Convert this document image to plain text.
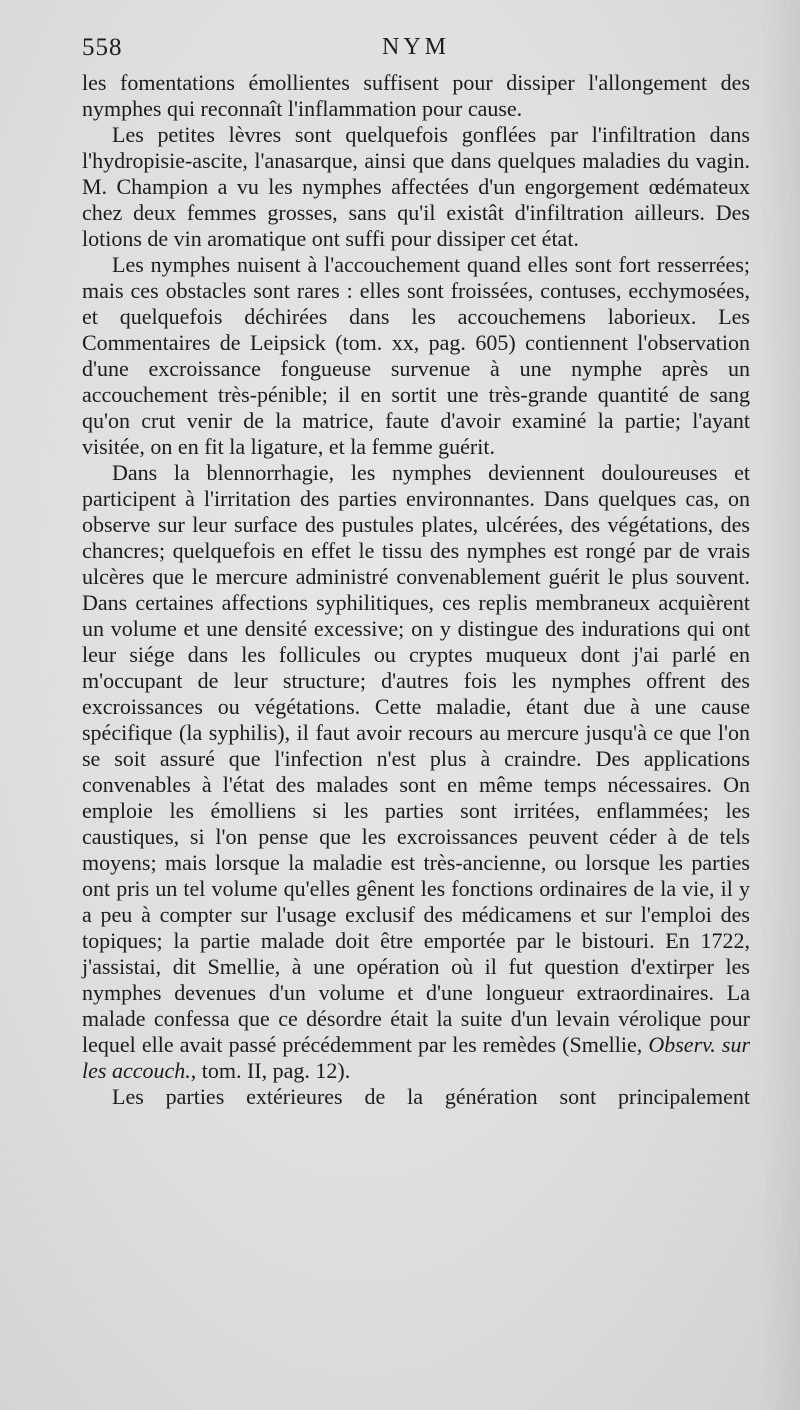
558	NYM

les fomentations émollientes suffisent pour dissiper l'allongement des nymphes qui reconnaît l'inflammation pour cause.

Les petites lèvres sont quelquefois gonflées par l'infiltration dans l'hydropisie-ascite, l'anasarque, ainsi que dans quelques maladies du vagin. M. Champion a vu les nymphes affectées d'un engorgement œdémateux chez deux femmes grosses, sans qu'il existât d'infiltration ailleurs. Des lotions de vin aromatique ont suffi pour dissiper cet état.

Les nymphes nuisent à l'accouchement quand elles sont fort resserrées; mais ces obstacles sont rares : elles sont froissées, contuses, ecchymosées, et quelquefois déchirées dans les accouchemens laborieux. Les Commentaires de Leipsick (tom. xx, pag. 605) contiennent l'observation d'une excroissance fongueuse survenue à une nymphe après un accouchement très-pénible; il en sortit une très-grande quantité de sang qu'on crut venir de la matrice, faute d'avoir examiné la partie; l'ayant visitée, on en fit la ligature, et la femme guérit.

Dans la blennorrhagie, les nymphes deviennent douloureuses et participent à l'irritation des parties environnantes. Dans quelques cas, on observe sur leur surface des pustules plates, ulcérées, des végétations, des chancres; quelquefois en effet le tissu des nymphes est rongé par de vrais ulcères que le mercure administré convenablement guérit le plus souvent. Dans certaines affections syphilitiques, ces replis membraneux acquièrent un volume et une densité excessive; on y distingue des indurations qui ont leur siége dans les follicules ou cryptes muqueux dont j'ai parlé en m'occupant de leur structure; d'autres fois les nymphes offrent des excroissances ou végétations. Cette maladie, étant due à une cause spécifique (la syphilis), il faut avoir recours au mercure jusqu'à ce que l'on se soit assuré que l'infection n'est plus à craindre. Des applications convenables à l'état des malades sont en même temps nécessaires. On emploie les émolliens si les parties sont irritées, enflammées; les caustiques, si l'on pense que les excroissances peuvent céder à de tels moyens; mais lorsque la maladie est très-ancienne, ou lorsque les parties ont pris un tel volume qu'elles gênent les fonctions ordinaires de la vie, il y a peu à compter sur l'usage exclusif des médicamens et sur l'emploi des topiques; la partie malade doit être emportée par le bistouri. En 1722, j'assistai, dit Smellie, à une opération où il fut question d'extirper les nymphes devenues d'un volume et d'une longueur extraordinaires. La malade confessa que ce désordre était la suite d'un levain vérolique pour lequel elle avait passé précédemment par les remèdes (Smellie, Observ. sur les accouch., tom. II, pag. 12).

Les parties extérieures de la génération sont principalement
